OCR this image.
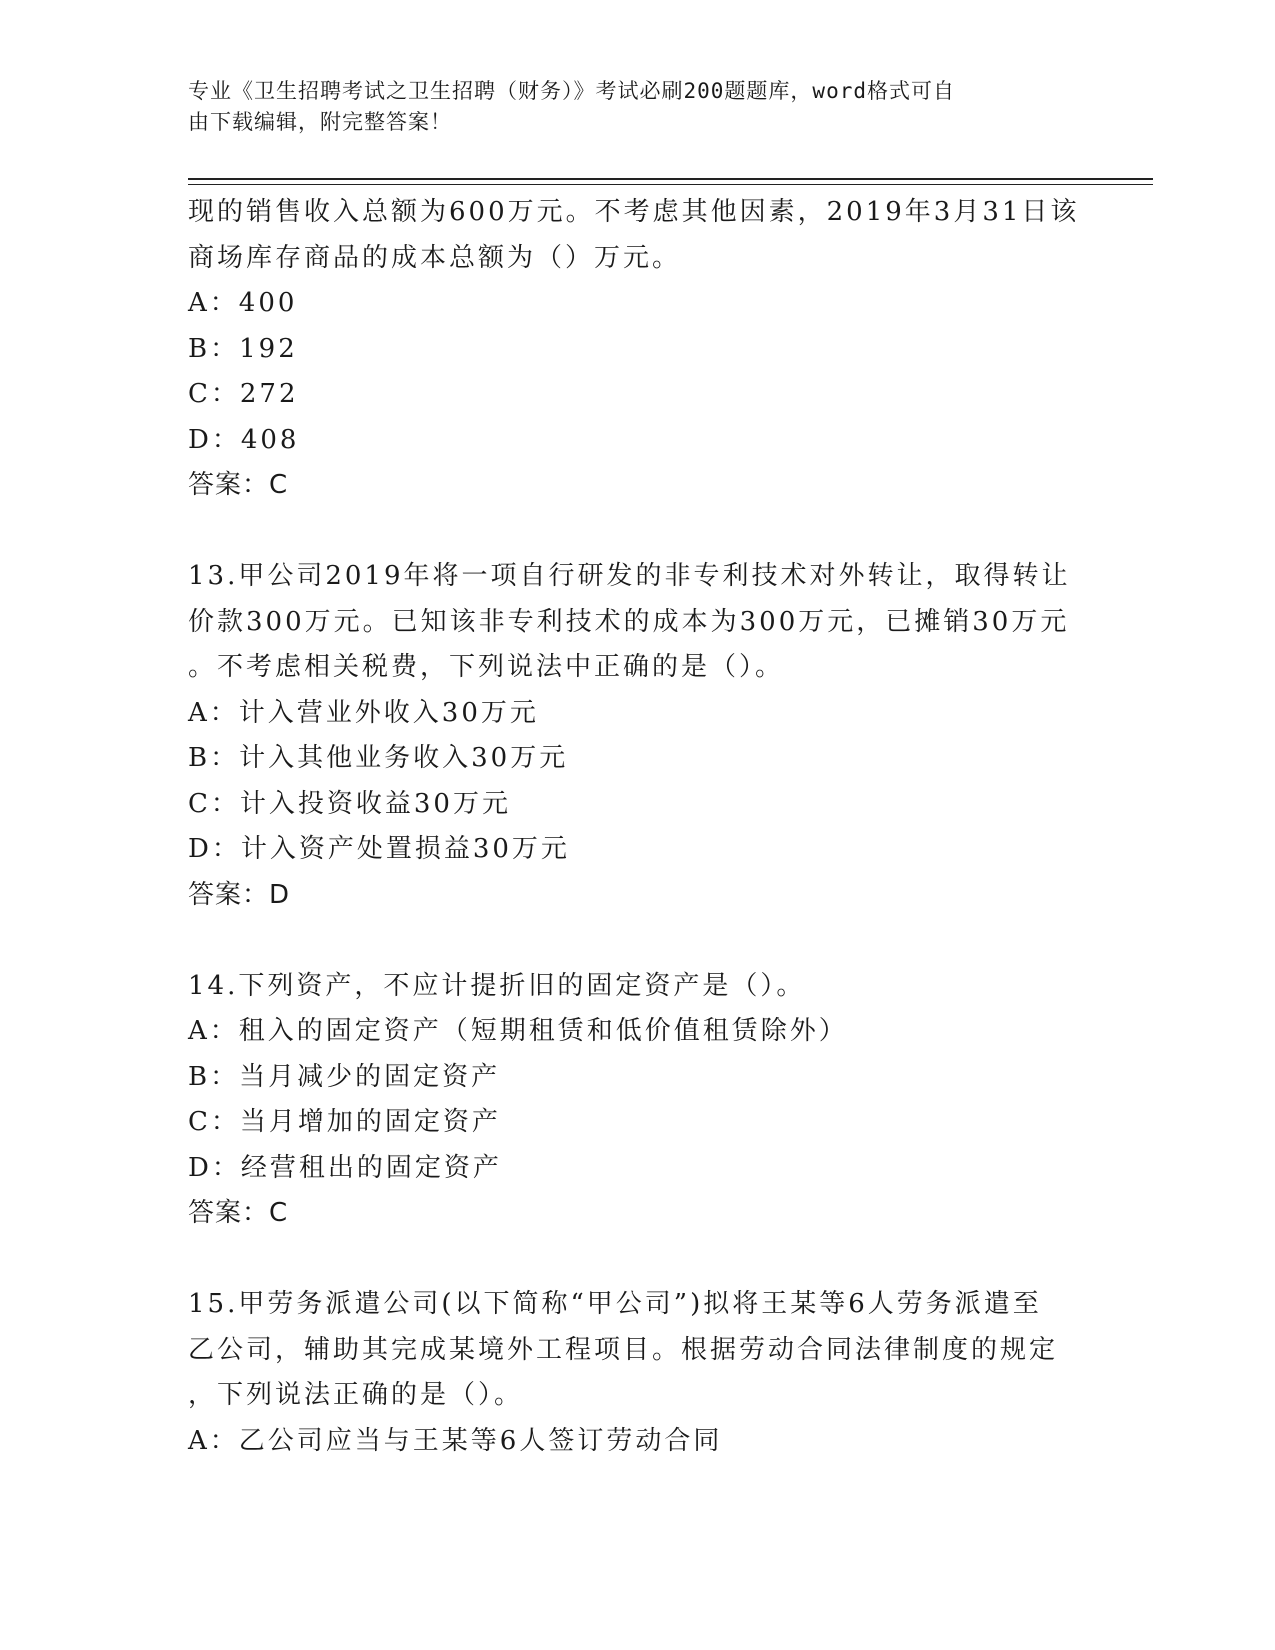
专业《卫生招聘考试之卫生招聘（财务）》考试必刷200题题库，word格式可自
由下载编辑，附完整答案！
现的销售收入总额为600万元。不考虑其他因素，2019年3月31日该
商场库存商品的成本总额为（）万元。
A：400
B：192
C：272
D：408
答案：C
13.甲公司2019年将一项自行研发的非专利技术对外转让，取得转让
价款300万元。已知该非专利技术的成本为300万元，已摊销30万元
。不考虑相关税费，下列说法中正确的是（）。
A：计入营业外收入30万元
B：计入其他业务收入30万元
C：计入投资收益30万元
D：计入资产处置损益30万元
答案：D
14.下列资产，不应计提折旧的固定资产是（）。
A：租入的固定资产（短期租赁和低价值租赁除外）
B：当月减少的固定资产
C：当月增加的固定资产
D：经营租出的固定资产
答案：C
15.甲劳务派遣公司(以下简称“甲公司”)拟将王某等6人劳务派遣至
乙公司，辅助其完成某境外工程项目。根据劳动合同法律制度的规定
，下列说法正确的是（）。
A：乙公司应当与王某等6人签订劳动合同
